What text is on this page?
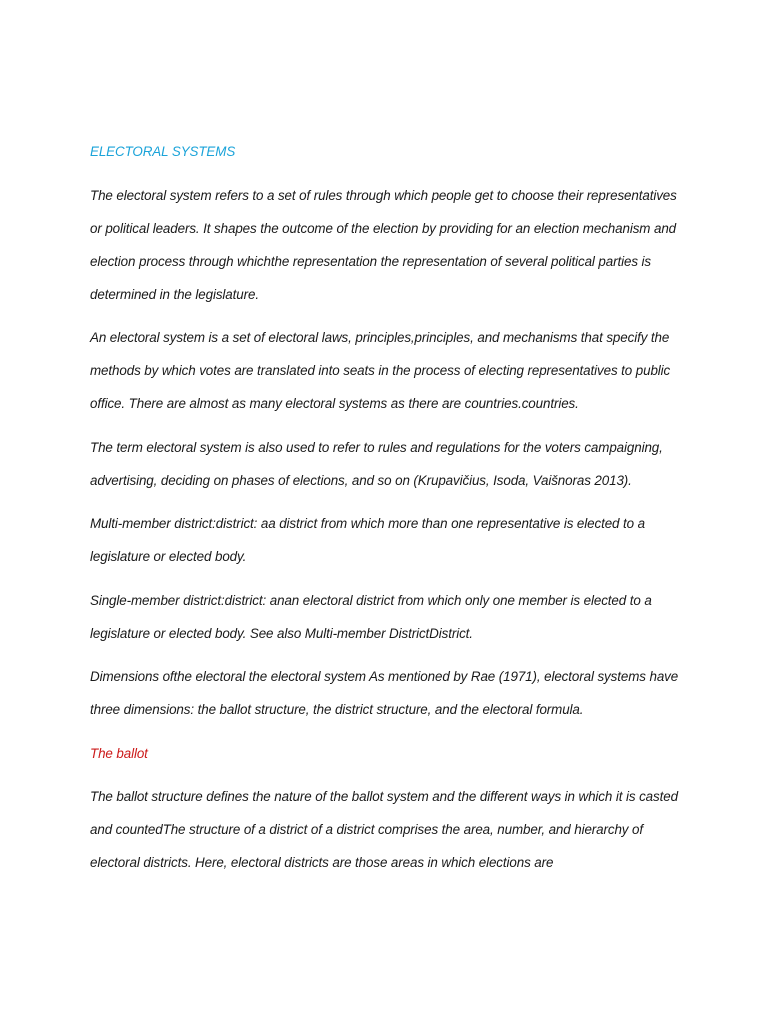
ELECTORAL SYSTEMS

The electoral system refers to a set of rules through which people get to choose their representatives or political leaders. It shapes the outcome of the election by providing for an election mechanism and election process through whichthe representation the representation of several political parties is determined in the legislature.

An electoral system is a set of electoral laws, principles,principles, and mechanisms that specify the methods by which votes are translated into seats in the process of electing representatives to public office. There are almost as many electoral systems as there are countries.countries.

The term electoral system is also used to refer to rules and regulations for the voters campaigning, advertising, deciding on phases of elections, and so on (Krupavičius, Isoda, Vaišnoras 2013).

Multi-member district:district: aa district from which more than one representative is elected to a legislature or elected body.

Single-member district:district: anan electoral district from which only one member is elected to a legislature or elected body. See also Multi-member DistrictDistrict.

Dimensions ofthe electoral the electoral system As mentioned by Rae (1971), electoral systems have three dimensions: the ballot structure, the district structure, and the electoral formula.

The ballot

The ballot structure defines the nature of the ballot system and the different ways in which it is casted and countedThe structure of a district of a district comprises the area, number, and hierarchy of electoral districts. Here, electoral districts are those areas in which elections are
